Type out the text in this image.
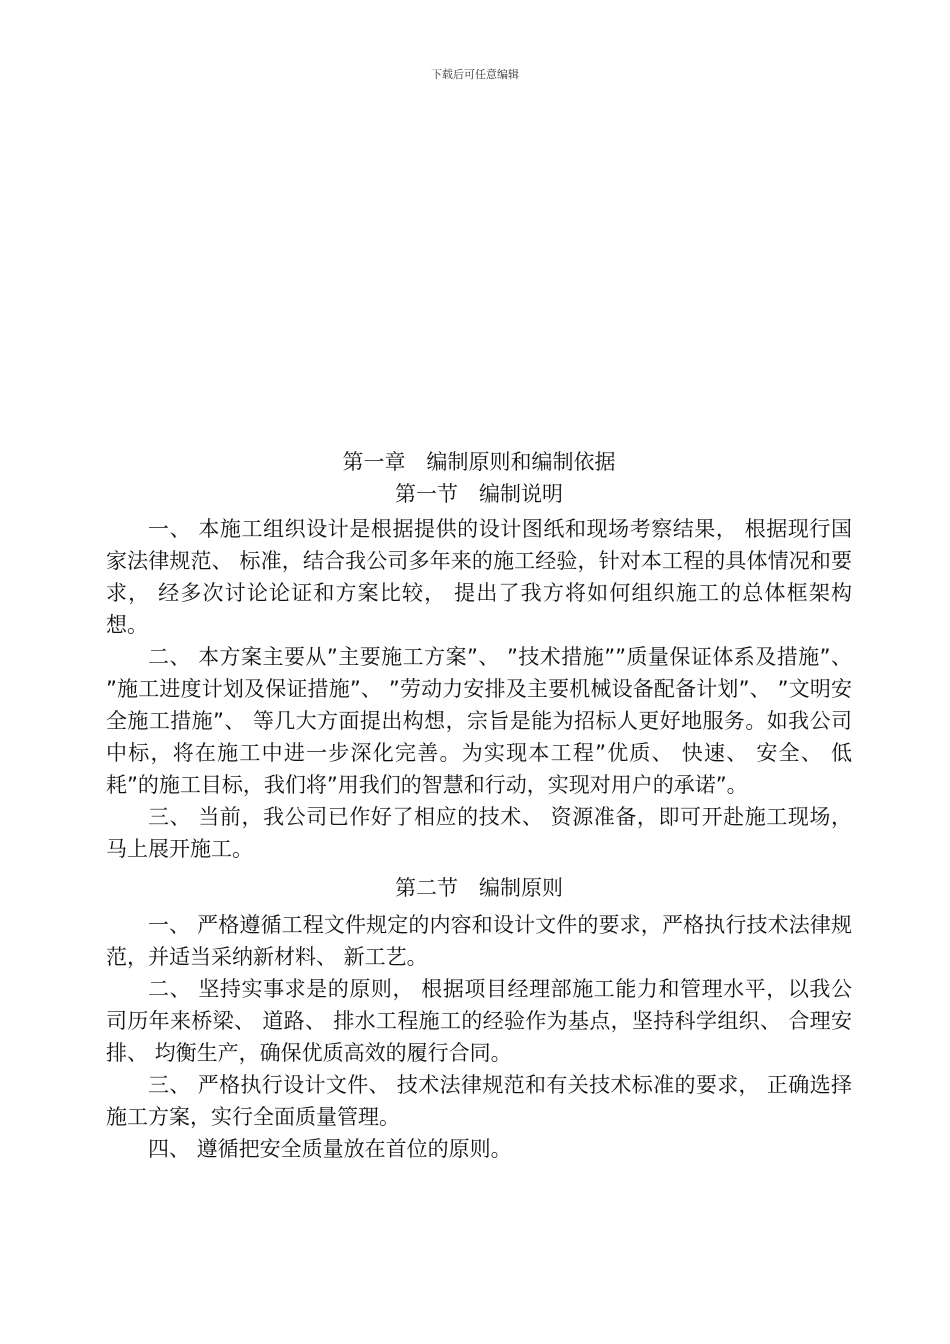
下载后可任意编辑

第一章　编制原则和编制依据

第一节　编制说明

一、 本施工组织设计是根据提供的设计图纸和现场考察结果， 根据现行国家法律规范、 标准，结合我公司多年来的施工经验，针对本工程的具体情况和要求， 经多次讨论论证和方案比较， 提出了我方将如何组织施工的总体框架构想。

二、 本方案主要从”主要施工方案”、 ”技术措施””质量保证体系及措施”、 ”施工进度计划及保证措施”、 ”劳动力安排及主要机械设备配备计划”、 ”文明安全施工措施”、 等几大方面提出构想，宗旨是能为招标人更好地服务。如我公司中标，将在施工中进一步深化完善。为实现本工程”优质、 快速、 安全、 低耗”的施工目标，我们将”用我们的智慧和行动，实现对用户的承诺”。

三、 当前，我公司已作好了相应的技术、 资源准备，即可开赴施工现场，马上展开施工。

第二节　编制原则

一、 严格遵循工程文件规定的内容和设计文件的要求，严格执行技术法律规范，并适当采纳新材料、 新工艺。

二、 坚持实事求是的原则， 根据项目经理部施工能力和管理水平，以我公司历年来桥梁、 道路、 排水工程施工的经验作为基点，坚持科学组织、 合理安排、 均衡生产，确保优质高效的履行合同。

三、 严格执行设计文件、 技术法律规范和有关技术标准的要求， 正确选择施工方案，实行全面质量管理。

四、 遵循把安全质量放在首位的原则。
